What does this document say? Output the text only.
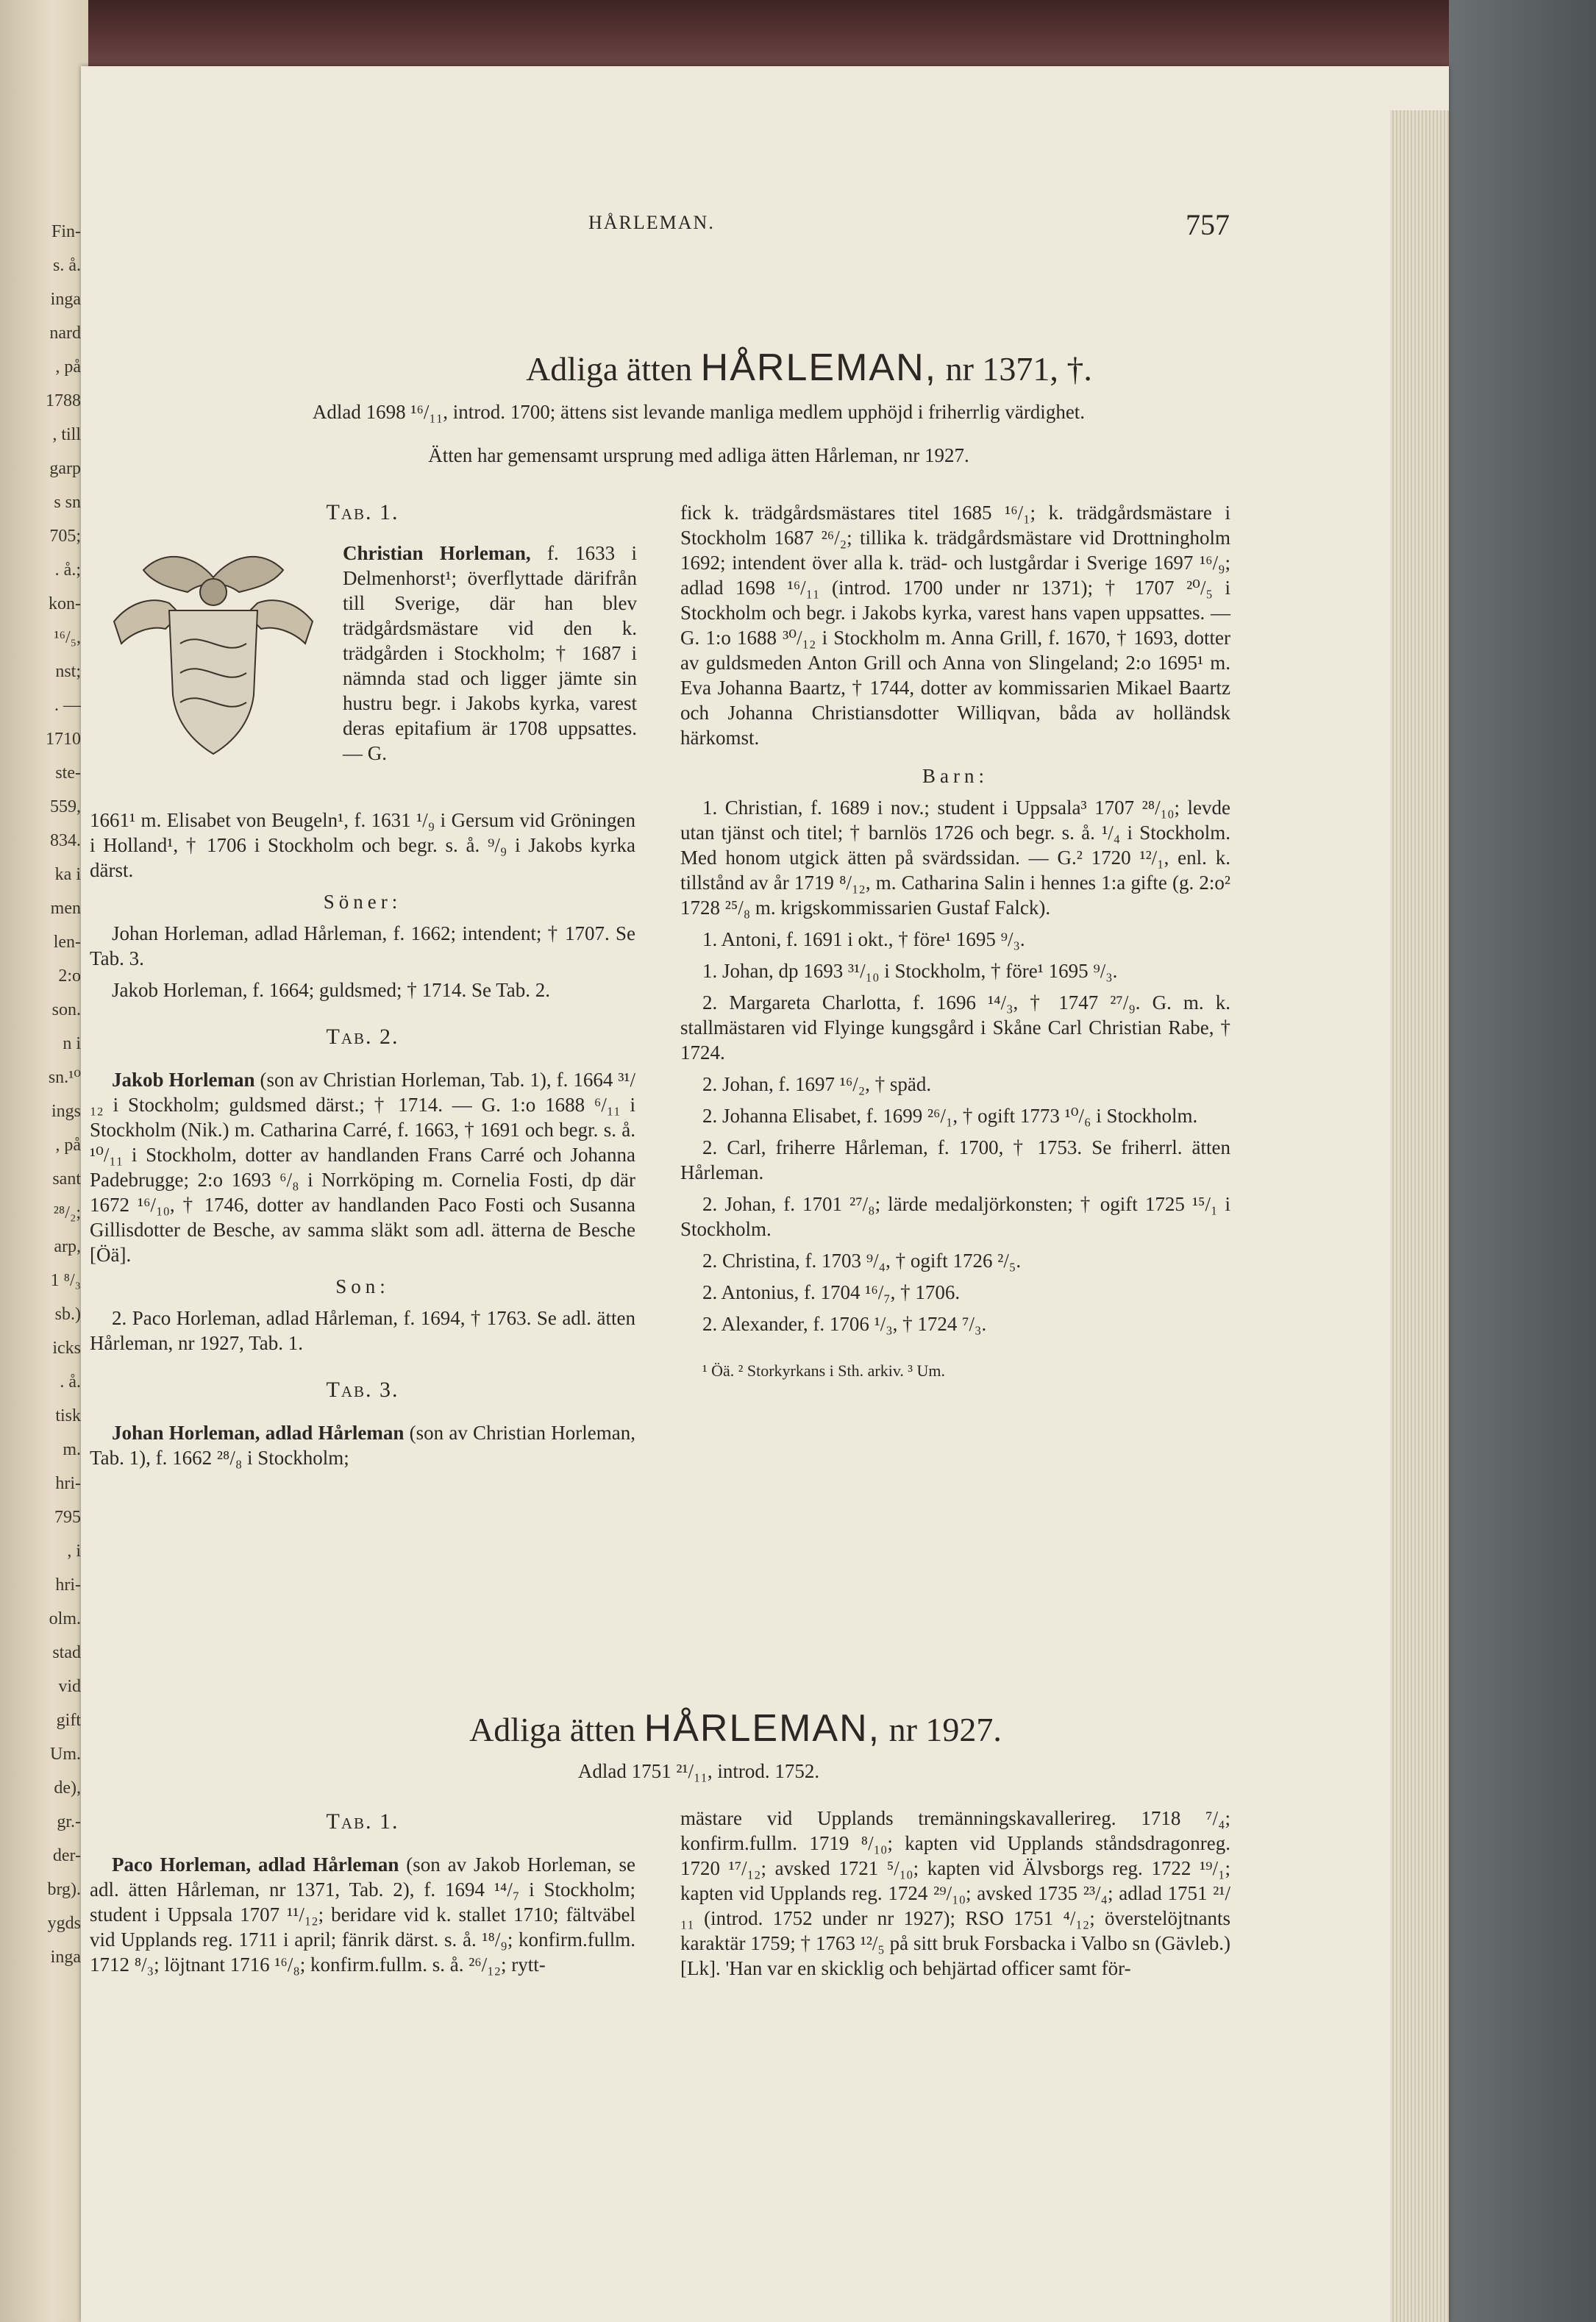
Fin-
s. å.
inga
nard
, på
1788
, till
garp
s sn
705;
. å.;
kon-
¹⁶/₅,
nst;
. —
1710
ste-
559,
834.
ka i
men
len-
2:o
son.
n i
sn.¹⁰
ings
, på
sant
²⁸/₂;
arp,
1 ⁸/₃
sb.)
icks
. å.
tisk
m.
hri-
795
, i
hri-
olm.
stad
vid
gift
Um.
de),
gr.-
der-
brg).
ygds
inga
HÅRLEMAN.	757
Adliga ätten HÅRLEMAN, nr 1371, †.
Adlad 1698 ¹⁶/₁₁, introd. 1700; ättens sist levande manliga medlem upphöjd i friherrlig värdighet.
Ätten har gemensamt ursprung med adliga ätten Hårleman, nr 1927.
Tab. 1.
Christian Horleman, f. 1633 i Delmenhorst¹; överflyttade därifrån till Sverige, där han blev trädgårdsmästare vid den k. trädgården i Stockholm; † 1687 i nämnda stad och ligger jämte sin hustru begr. i Jakobs kyrka, varest deras epitafium är 1708 uppsattes. — G.

1661¹ m. Elisabet von Beugeln¹, f. 1631 ¹/₉ i Gersum vid Gröningen i Holland¹, † 1706 i Stockholm och begr. s. å. ⁹/₉ i Jakobs kyrka därst.

Söner:

Johan Horleman, adlad Hårleman, f. 1662; intendent; † 1707. Se Tab. 3.

Jakob Horleman, f. 1664; guldsmed; † 1714. Se Tab. 2.

Tab. 2.

Jakob Horleman (son av Christian Horleman, Tab. 1), f. 1664 ³¹/₁₂ i Stockholm; guldsmed därst.; † 1714. — G. 1:o 1688 ⁶/₁₁ i Stockholm (Nik.) m. Catharina Carré, f. 1663, † 1691 och begr. s. å. ¹⁰/₁₁ i Stockholm, dotter av handlanden Frans Carré och Johanna Padebrugge; 2:o 1693 ⁶/₈ i Norrköping m. Cornelia Fosti, dp där 1672 ¹⁶/₁₀, † 1746, dotter av handlanden Paco Fosti och Susanna Gillisdotter de Besche, av samma släkt som adl. ätterna de Besche [Öä].

Son:

2. Paco Horleman, adlad Hårleman, f. 1694, † 1763. Se adl. ätten Hårleman, nr 1927, Tab. 1.

Tab. 3.

Johan Horleman, adlad Hårleman (son av Christian Horleman, Tab. 1), f. 1662 ²⁸/₈ i Stockholm;

fick k. trädgårdsmästares titel 1685 ¹⁶/₁; k. trädgårdsmästare i Stockholm 1687 ²⁶/₂; tillika k. trädgårdsmästare vid Drottningholm 1692; intendent över alla k. träd- och lustgårdar i Sverige 1697 ¹⁶/₉; adlad 1698 ¹⁶/₁₁ (introd. 1700 under nr 1371); † 1707 ²⁰/₅ i Stockholm och begr. i Jakobs kyrka, varest hans vapen uppsattes. — G. 1:o 1688 ³⁰/₁₂ i Stockholm m. Anna Grill, f. 1670, † 1693, dotter av guldsmeden Anton Grill och Anna von Slingeland; 2:o 1695¹ m. Eva Johanna Baartz, † 1744, dotter av kommissarien Mikael Baartz och Johanna Christiansdotter Williqvan, båda av holländsk härkomst.

Barn:

1. Christian, f. 1689 i nov.; student i Uppsala³ 1707 ²⁸/₁₀; levde utan tjänst och titel; † barnlös 1726 och begr. s. å. ¹/₄ i Stockholm. Med honom utgick ätten på svärdssidan. — G.² 1720 ¹²/₁, enl. k. tillstånd av år 1719 ⁸/₁₂, m. Catharina Salin i hennes 1:a gifte (g. 2:o² 1728 ²⁵/₈ m. krigskommissarien Gustaf Falck).

1. Antoni, f. 1691 i okt., † före¹ 1695 ⁹/₃.

1. Johan, dp 1693 ³¹/₁₀ i Stockholm, † före¹ 1695 ⁹/₃.

2. Margareta Charlotta, f. 1696 ¹⁴/₃, † 1747 ²⁷/₉. G. m. k. stallmästaren vid Flyinge kungsgård i Skåne Carl Christian Rabe, † 1724.

2. Johan, f. 1697 ¹⁶/₂, † späd.

2. Johanna Elisabet, f. 1699 ²⁶/₁, † ogift 1773 ¹⁰/₆ i Stockholm.

2. Carl, friherre Hårleman, f. 1700, † 1753. Se friherrl. ätten Hårleman.

2. Johan, f. 1701 ²⁷/₈; lärde medaljörkonsten; † ogift 1725 ¹⁵/₁ i Stockholm.

2. Christina, f. 1703 ⁹/₄, † ogift 1726 ²/₅.

2. Antonius, f. 1704 ¹⁶/₇, † 1706.

2. Alexander, f. 1706 ¹/₃, † 1724 ⁷/₃.

¹ Öä. ² Storkyrkans i Sth. arkiv. ³ Um.

Adliga ätten HÅRLEMAN, nr 1927.
Adlad 1751 ²¹/₁₁, introd. 1752.
Tab. 1.

Paco Horleman, adlad Hårleman (son av Jakob Horleman, se adl. ätten Hårleman, nr 1371, Tab. 2), f. 1694 ¹⁴/₇ i Stockholm; student i Uppsala 1707 ¹¹/₁₂; beridare vid k. stallet 1710; fältväbel vid Upplands reg. 1711 i april; fänrik därst. s. å. ¹⁸/₉; konfirm.fullm. 1712 ⁸/₃; löjtnant 1716 ¹⁶/₈; konfirm.fullm. s. å. ²⁶/₁₂; rytt-

mästare vid Upplands tremänningskavallerireg. 1718 ⁷/₄; konfirm.fullm. 1719 ⁸/₁₀; kapten vid Upplands ståndsdragonreg. 1720 ¹⁷/₁₂; avsked 1721 ⁵/₁₀; kapten vid Älvsborgs reg. 1722 ¹⁹/₁; kapten vid Upplands reg. 1724 ²⁹/₁₀; avsked 1735 ²³/₄; adlad 1751 ²¹/₁₁ (introd. 1752 under nr 1927); RSO 1751 ⁴/₁₂; överstelöjtnants karaktär 1759; † 1763 ¹²/₅ på sitt bruk Forsbacka i Valbo sn (Gävleb.) [Lk]. 'Han var en skicklig och behjärtad officer samt för-
